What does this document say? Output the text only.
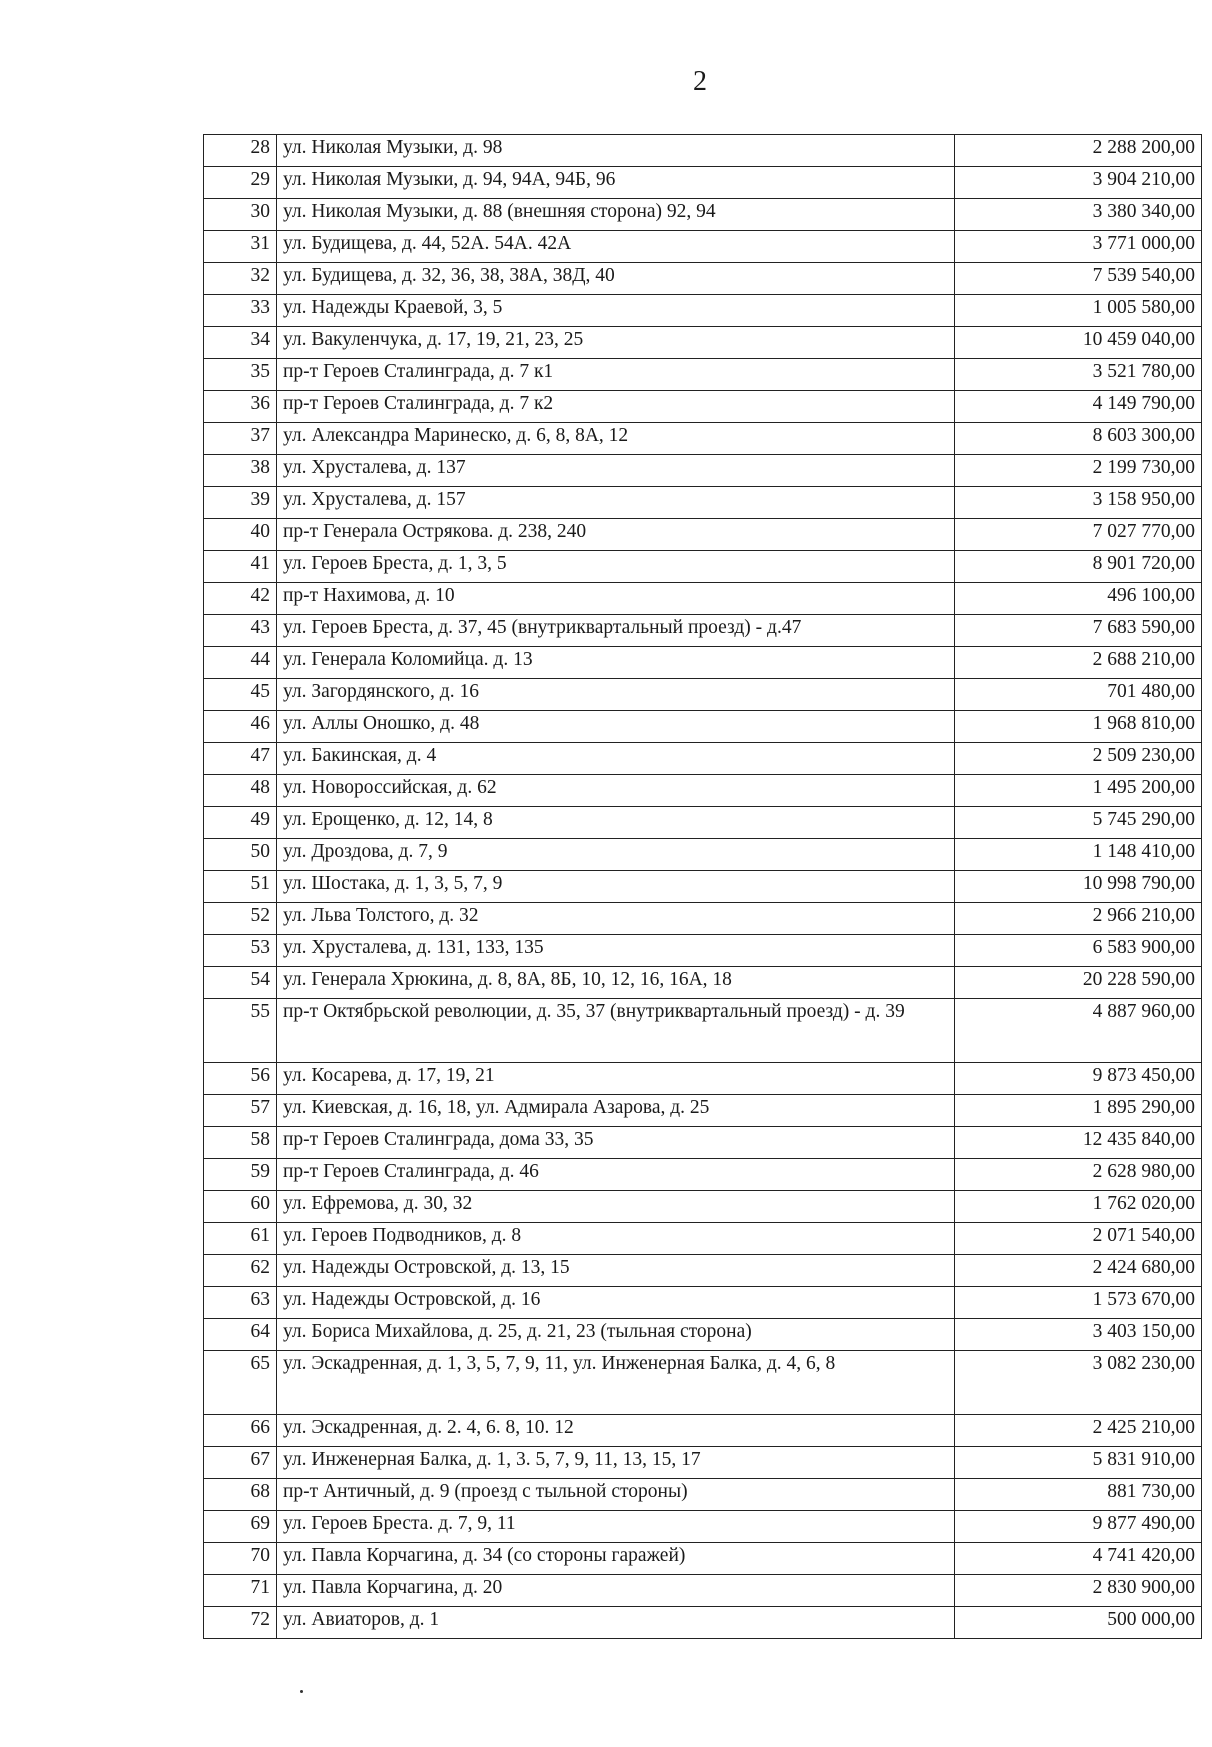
2
28	ул. Николая Музыки, д. 98	2 288 200,00
29	ул. Николая Музыки, д. 94, 94А, 94Б, 96	3 904 210,00
30	ул. Николая Музыки, д. 88 (внешняя сторона) 92, 94	3 380 340,00
31	ул. Будищева, д. 44, 52А. 54А. 42А	3 771 000,00
32	ул. Будищева, д. 32, 36, 38, 38А, 38Д, 40	7 539 540,00
33	ул. Надежды Краевой, 3, 5	1 005 580,00
34	ул. Вакуленчука, д. 17, 19, 21, 23, 25	10 459 040,00
35	пр-т Героев Сталинграда, д. 7 к1	3 521 780,00
36	пр-т Героев Сталинграда, д. 7 к2	4 149 790,00
37	ул. Александра Маринеско, д. 6, 8, 8А, 12	8 603 300,00
38	ул. Хрусталева, д. 137	2 199 730,00
39	ул. Хрусталева, д. 157	3 158 950,00
40	пр-т Генерала Острякова. д. 238, 240	7 027 770,00
41	ул. Героев Бреста, д. 1, 3, 5	8 901 720,00
42	пр-т Нахимова, д. 10	496 100,00
43	ул. Героев Бреста, д. 37, 45 (внутриквартальный проезд) - д.47	7 683 590,00
44	ул. Генерала Коломийца. д. 13	2 688 210,00
45	ул. Загордянского, д. 16	701 480,00
46	ул. Аллы Оношко, д. 48	1 968 810,00
47	ул. Бакинская, д. 4	2 509 230,00
48	ул. Новороссийская, д. 62	1 495 200,00
49	ул. Ерощенко, д. 12, 14, 8	5 745 290,00
50	ул. Дроздова, д. 7, 9	1 148 410,00
51	ул. Шостака, д. 1, 3, 5, 7, 9	10 998 790,00
52	ул. Льва Толстого, д. 32	2 966 210,00
53	ул. Хрусталева, д. 131, 133, 135	6 583 900,00
54	ул. Генерала Хрюкина, д. 8, 8А, 8Б, 10, 12, 16, 16А, 18	20 228 590,00
55	пр-т Октябрьской революции, д. 35, 37 (внутриквартальный проезд) - д. 39	4 887 960,00
56	ул. Косарева, д. 17, 19, 21	9 873 450,00
57	ул. Киевская, д. 16, 18, ул. Адмирала Азарова, д. 25	1 895 290,00
58	пр-т Героев Сталинграда, дома 33, 35	12 435 840,00
59	пр-т Героев Сталинграда, д. 46	2 628 980,00
60	ул. Ефремова, д. 30, 32	1 762 020,00
61	ул. Героев Подводников, д. 8	2 071 540,00
62	ул. Надежды Островской, д. 13, 15	2 424 680,00
63	ул. Надежды Островской, д. 16	1 573 670,00
64	ул. Бориса Михайлова, д. 25, д. 21, 23 (тыльная сторона)	3 403 150,00
65	ул. Эскадренная, д. 1, 3, 5, 7, 9, 11, ул. Инженерная Балка, д. 4, 6, 8	3 082 230,00
66	ул. Эскадренная, д. 2. 4, 6. 8, 10. 12	2 425 210,00
67	ул. Инженерная Балка, д. 1, 3. 5, 7, 9, 11, 13, 15, 17	5 831 910,00
68	пр-т Античный, д. 9 (проезд с тыльной стороны)	881 730,00
69	ул. Героев Бреста. д. 7, 9, 11	9 877 490,00
70	ул. Павла Корчагина, д. 34 (со стороны гаражей)	4 741 420,00
71	ул. Павла Корчагина, д. 20	2 830 900,00
72	ул. Авиаторов, д. 1	500 000,00
